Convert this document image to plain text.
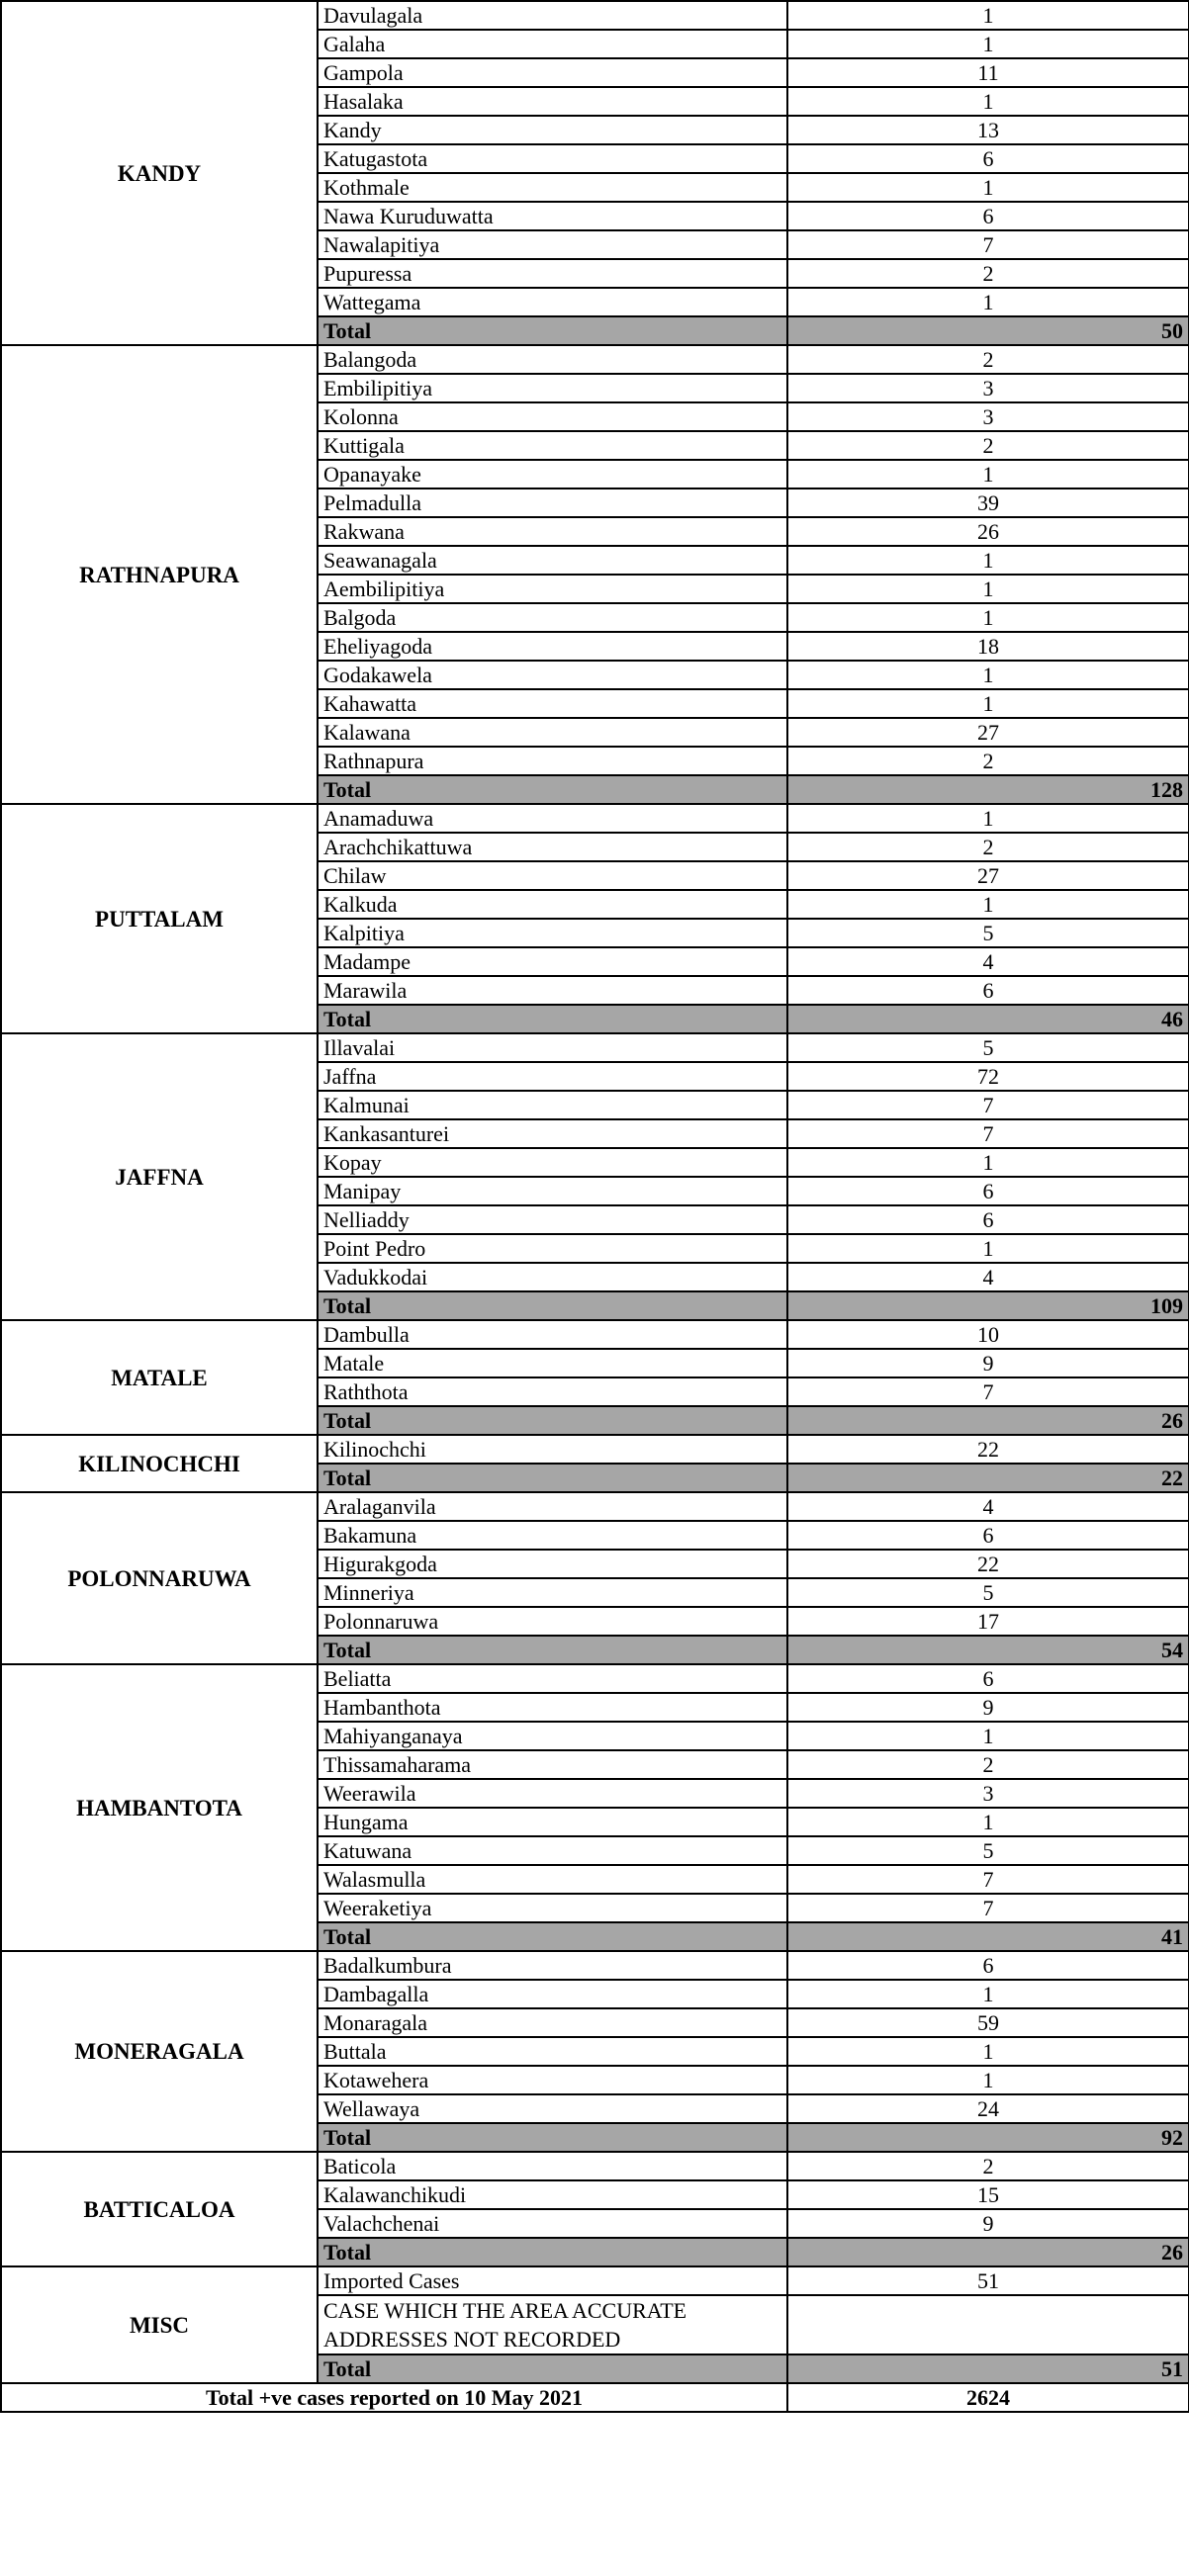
KANDY	Davulagala	1
	Galaha	1
	Gampola	11
	Hasalaka	1
	Kandy	13
	Katugastota	6
	Kothmale	1
	Nawa Kuruduwatta	6
	Nawalapitiya	7
	Pupuressa	2
	Wattegama	1
	Total	50
RATHNAPURA	Balangoda	2
	Embilipitiya	3
	Kolonna	3
	Kuttigala	2
	Opanayake	1
	Pelmadulla	39
	Rakwana	26
	Seawanagala	1
	Aembilipitiya	1
	Balgoda	1
	Eheliyagoda	18
	Godakawela	1
	Kahawatta	1
	Kalawana	27
	Rathnapura	2
	Total	128
PUTTALAM	Anamaduwa	1
	Arachchikattuwa	2
	Chilaw	27
	Kalkuda	1
	Kalpitiya	5
	Madampe	4
	Marawila	6
	Total	46
JAFFNA	Illavalai	5
	Jaffna	72
	Kalmunai	7
	Kankasanturei	7
	Kopay	1
	Manipay	6
	Nelliaddy	6
	Point Pedro	1
	Vadukkodai	4
	Total	109
MATALE	Dambulla	10
	Matale	9
	Raththota	7
	Total	26
KILINOCHCHI	Kilinochchi	22
	Total	22
POLONNARUWA	Aralaganvila	4
	Bakamuna	6
	Higurakgoda	22
	Minneriya	5
	Polonnaruwa	17
	Total	54
HAMBANTOTA	Beliatta	6
	Hambanthota	9
	Mahiyanganaya	1
	Thissamaharama	2
	Weerawila	3
	Hungama	1
	Katuwana	5
	Walasmulla	7
	Weeraketiya	7
	Total	41
MONERAGALA	Badalkumbura	6
	Dambagalla	1
	Monaragala	59
	Buttala	1
	Kotawehera	1
	Wellawaya	24
	Total	92
BATTICALOA	Baticola	2
	Kalawanchikudi	15
	Valachchenai	9
	Total	26
MISC	Imported Cases	51
	CASE WHICH THE AREA ACCURATE ADDRESSES NOT RECORDED	
	Total	51
Total +ve cases reported on 10 May 2021		2624
